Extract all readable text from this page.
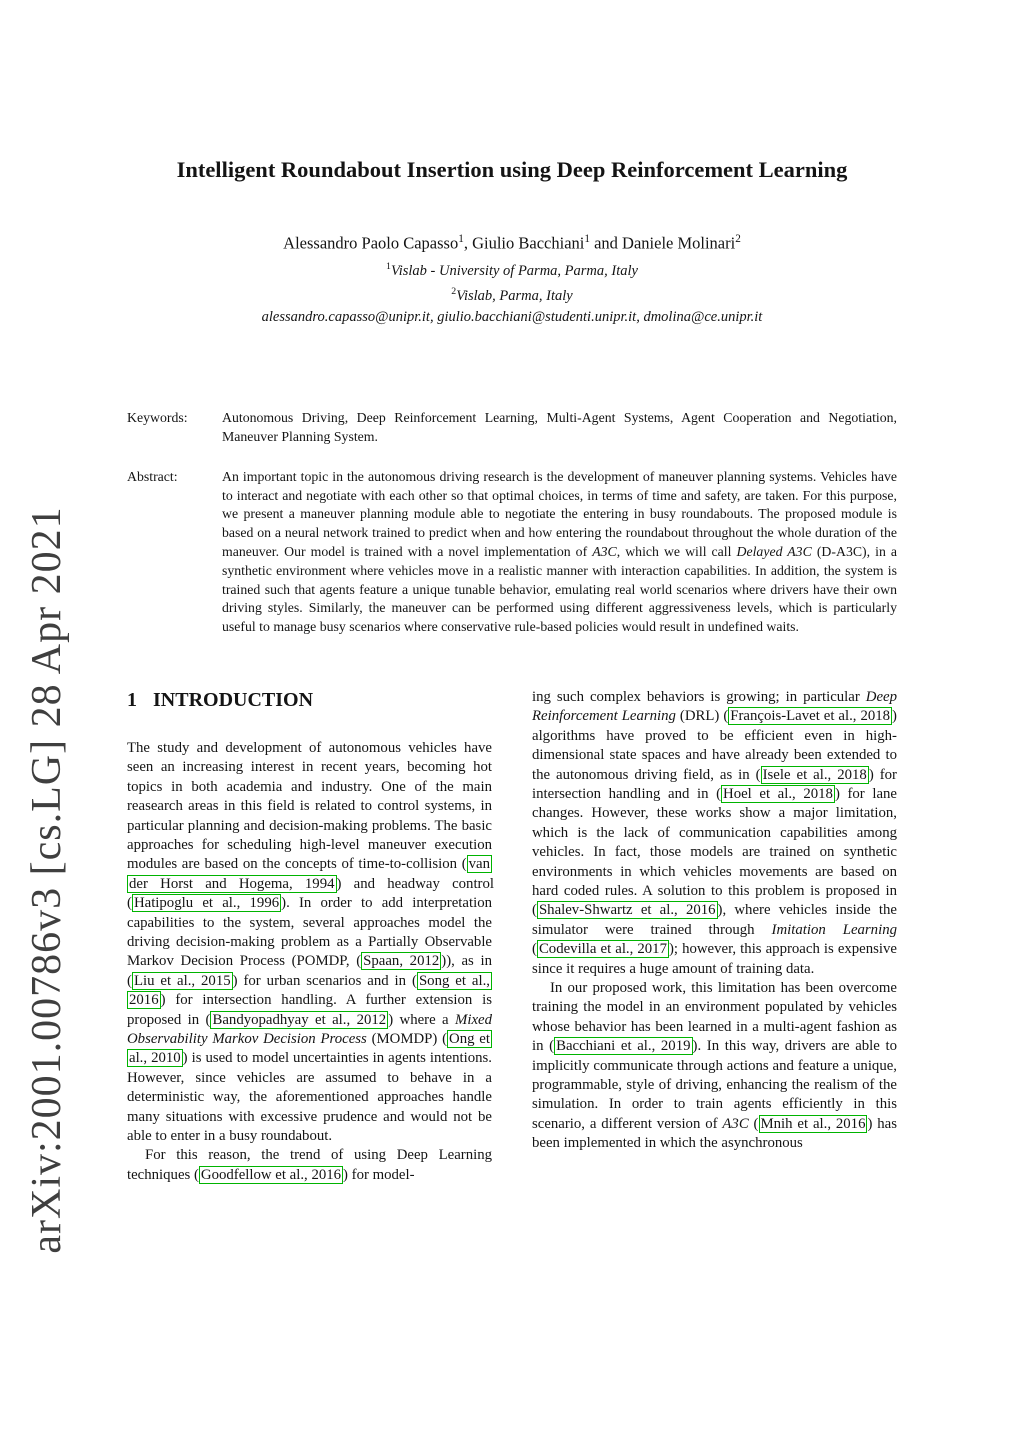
arXiv:2001.00786v3 [cs.LG] 28 Apr 2021
Intelligent Roundabout Insertion using Deep Reinforcement Learning
Alessandro Paolo Capasso$^1$, Giulio Bacchiani$^1$ and Daniele Molinari$^2$
$^1$Vislab - University of Parma, Parma, Italy
$^2$Vislab, Parma, Italy
alessandro.capasso@unipr.it, giulio.bacchiani@studenti.unipr.it, dmolina@ce.unipr.it
Keywords:	Autonomous Driving, Deep Reinforcement Learning, Multi-Agent Systems, Agent Cooperation and Negotiation, Maneuver Planning System.
Abstract:	An important topic in the autonomous driving research is the development of maneuver planning systems. Vehicles have to interact and negotiate with each other so that optimal choices, in terms of time and safety, are taken. For this purpose, we present a maneuver planning module able to negotiate the entering in busy roundabouts. The proposed module is based on a neural network trained to predict when and how entering the roundabout throughout the whole duration of the maneuver. Our model is trained with a novel implementation of A3C, which we will call Delayed A3C (D-A3C), in a synthetic environment where vehicles move in a realistic manner with interaction capabilities. In addition, the system is trained such that agents feature a unique tunable behavior, emulating real world scenarios where drivers have their own driving styles. Similarly, the maneuver can be performed using different aggressiveness levels, which is particularly useful to manage busy scenarios where conservative rule-based policies would result in undefined waits.
1 INTRODUCTION

The study and development of autonomous vehicles have seen an increasing interest in recent years, becoming hot topics in both academia and industry. One of the main reasearch areas in this field is related to control systems, in particular planning and decision-making problems. The basic approaches for scheduling high-level maneuver execution modules are based on the concepts of time-to-collision ( van der Horst and Hogema, 1994 ) and headway control ( Hatipoglu et al., 1996 ). In order to add interpretation capabilities to the system, several approaches model the driving decision-making problem as a Partially Observable Markov Decision Process (POMDP, ( Spaan, 2012 )), as in ( Liu et al., 2015 ) for urban scenarios and in ( Song et al., 2016 ) for intersection handling. A further extension is proposed in ( Bandyopadhyay et al., 2012 ) where a Mixed Observability Markov Decision Process (MOMDP) ( Ong et al., 2010 ) is used to model uncertainties in agents intentions. However, since vehicles are assumed to behave in a deterministic way, the aforementioned approaches handle many situations with excessive prudence and would not be able to enter in a busy roundabout.

For this reason, the trend of using Deep Learning techniques ( Goodfellow et al., 2016 ) for model-

ing such complex behaviors is growing; in particular Deep Reinforcement Learning (DRL) ( François-Lavet et al., 2018 ) algorithms have proved to be efficient even in high-dimensional state spaces and have already been extended to the autonomous driving field, as in ( Isele et al., 2018 ) for intersection handling and in ( Hoel et al., 2018 ) for lane changes. However, these works show a major limitation, which is the lack of communication capabilities among vehicles. In fact, those models are trained on synthetic environments in which vehicles movements are based on hard coded rules. A solution to this problem is proposed in ( Shalev-Shwartz et al., 2016 ), where vehicles inside the simulator were trained through Imitation Learning ( Codevilla et al., 2017 ); however, this approach is expensive since it requires a huge amount of training data.

In our proposed work, this limitation has been overcome training the model in an environment populated by vehicles whose behavior has been learned in a multi-agent fashion as in ( Bacchiani et al., 2019 ). In this way, drivers are able to implicitly communicate through actions and feature a unique, programmable, style of driving, enhancing the realism of the simulation. In order to train agents efficiently in this scenario, a different version of A3C ( Mnih et al., 2016 ) has been implemented in which the asynchronous
